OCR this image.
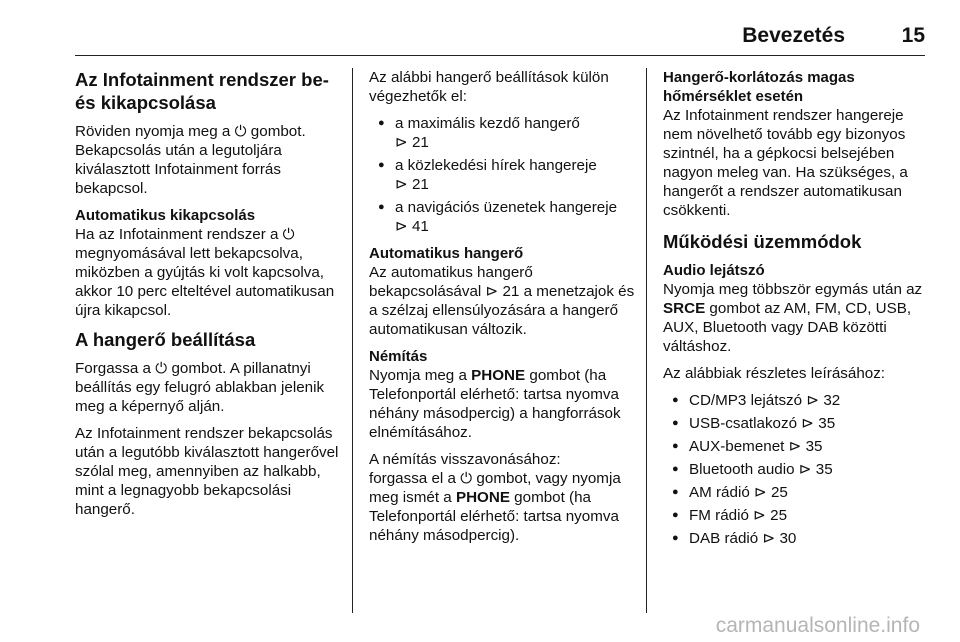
Bevezetés	15
Az Infotainment rendszer be- és kikapcsolása

Röviden nyomja meg a ⏻ gombot. Bekapcsolás után a legutoljára kiválasztott Infotainment forrás bekapcsol.

Automatikus kikapcsolás

Ha az Infotainment rendszer a ⏻ megnyomásával lett bekapcsolva, miközben a gyújtás ki volt kapcsolva, akkor 10 perc elteltével automatikusan újra kikapcsol.

A hangerő beállítása

Forgassa a ⏻ gombot. A pillanatnyi beállítás egy felugró ablakban jelenik meg a képernyő alján.

Az Infotainment rendszer bekapcsolás után a legutóbb kiválasztott hangerővel szólal meg, amennyiben az halkabb, mint a legnagyobb bekapcsolási hangerő.

Az alábbi hangerő beállítások külön végezhetők el:

● a maximális kezdő hangerő
⊳ 21
● a közlekedési hírek hangereje
⊳ 21
● a navigációs üzenetek hangereje
⊳ 41
Automatikus hangerő

Az automatikus hangerő bekapcsolásával ⊳ 21 a menetzajok és a szélzaj ellensúlyozására a hangerő automatikusan változik.

Némítás

Nyomja meg a PHONE gombot (ha Telefonportál elérhető: tartsa nyomva néhány másodpercig) a hangforrások elnémításához.

A némítás visszavonásához:
forgassa el a ⏻ gombot, vagy nyomja meg ismét a PHONE gombot (ha Telefonportál elérhető: tartsa nyomva néhány másodpercig).

Hangerő-korlátozás magas hőmérséklet esetén

Az Infotainment rendszer hangereje nem növelhető tovább egy bizonyos szintnél, ha a gépkocsi belsejében nagyon meleg van. Ha szükséges, a hangerőt a rendszer automatikusan csökkenti.

Működési üzemmódok
Audio lejátszó

Nyomja meg többször egymás után az SRCE gombot az AM, FM, CD, USB, AUX, Bluetooth vagy DAB közötti váltáshoz.

Az alábbiak részletes leírásához:

● CD/MP3 lejátszó ⊳ 32
● USB-csatlakozó ⊳ 35
● AUX-bemenet ⊳ 35
● Bluetooth audio ⊳ 35
● AM rádió ⊳ 25
● FM rádió ⊳ 25
● DAB rádió ⊳ 30
carmanualsonline.info
